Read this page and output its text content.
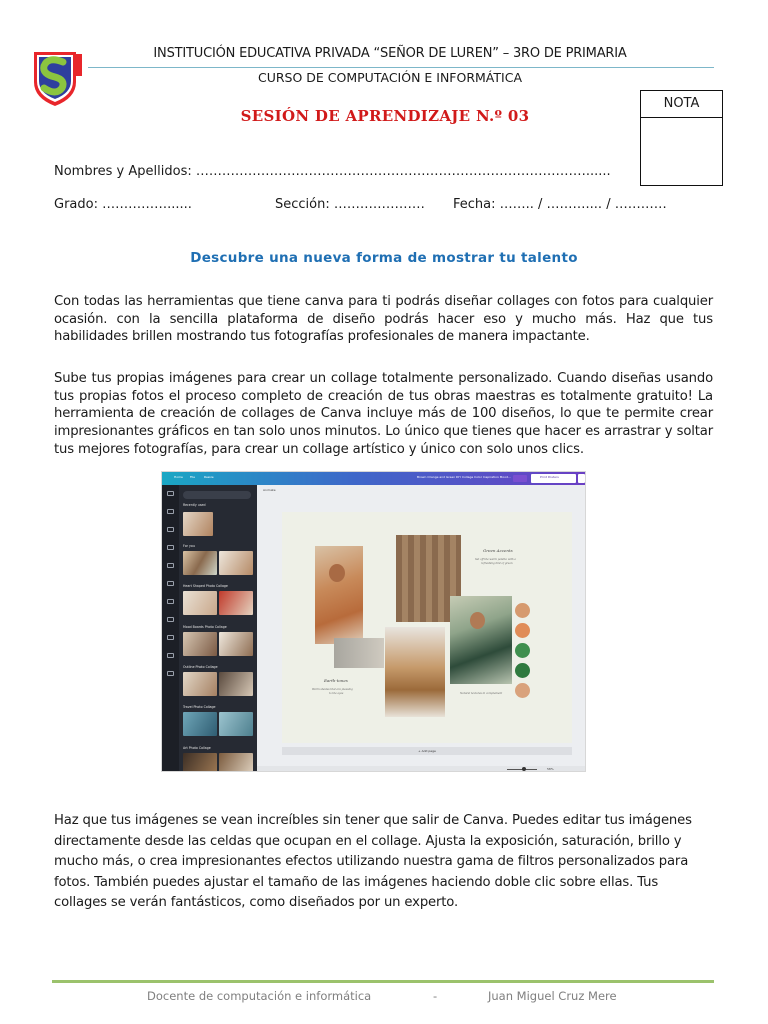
INSTITUCIÓN EDUCATIVA PRIVADA “SEÑOR DE LUREN” – 3RO DE PRIMARIA
CURSO DE COMPUTACIÓN E INFORMÁTICA
NOTA
SESIÓN DE APRENDIZAJE N.º 03
Nombres y Apellidos: ………………………………………………………………………………......
Grado: ……………......	Sección: ………………… Fecha: …….. / ……….... / …………
Descubre una nueva forma de mostrar tu talento
Con todas las herramientas que tiene canva para ti podrás diseñar collages con fotos para cualquier ocasión. con la sencilla plataforma de diseño podrás hacer eso y mucho más. Haz que tus habilidades brillen mostrando tus fotografías profesionales de manera impactante.
Sube tus propias imágenes para crear un collage totalmente personalizado. Cuando diseñas usando tus propias fotos el proceso completo de creación de tus obras maestras es totalmente gratuito! La herramienta de creación de collages de Canva incluye más de 100 diseños, lo que te permite crear impresionantes gráficos en tan solo unos minutos. Lo único que tienes que hacer es arrastrar y soltar tus mejores fotografías, para crear un collage artístico y único con solo unos clics.
Home File	Resize	Brown Orange and Green DIY Collage Color Inspiration Mood...	Print Posters
Recently used
For you
Heart Shaped Photo Collage
Mood Boards Photo Collage
Outline Photo Collage
Travel Photo Collage
Art Photo Collage
Animate
Green Accents
Set off the warm palette with a
refreshing hint of green
Earth-tones
Warm shades that are pleasing
to the eyes	Natural textures in complement
+ Add page
58%
Haz que tus imágenes se vean increíbles sin tener que salir de Canva. Puedes editar tus imágenes directamente desde las celdas que ocupan en el collage. Ajusta la exposición, saturación, brillo y mucho más, o crea impresionantes efectos utilizando nuestra gama de filtros personalizados para fotos. También puedes ajustar el tamaño de las imágenes haciendo doble clic sobre ellas. Tus collages se verán fantásticos, como diseñados por un experto.
Docente de computación e informática	-	Juan Miguel Cruz Mere
